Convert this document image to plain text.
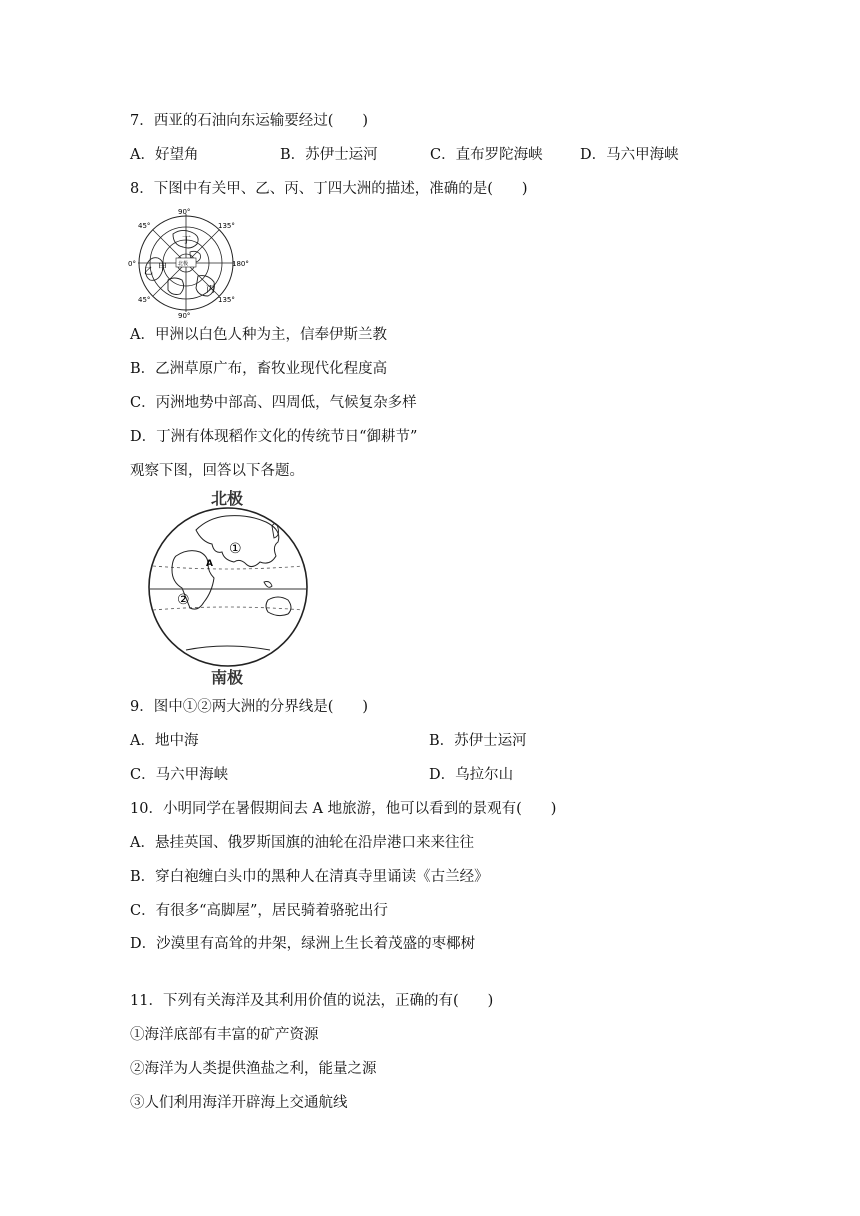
7．西亚的石油向东运输要经过(　　)
A．好望角	B．苏伊士运河	C．直布罗陀海峡	D．马六甲海峡
8．下图中有关甲、乙、丙、丁四大洲的描述，准确的是(　　)
90°
45°	135°
0°	180°
45°	135°
90°
丁
乙 甲
丙
北极
A．甲洲以白色人种为主，信奉伊斯兰教
B．乙洲草原广布，畜牧业现代化程度高
C．丙洲地势中部高、四周低，气候复杂多样
D．丁洲有体现稻作文化的传统节日“御耕节”
观察下图，回答以下各题。
北极
南极
①
②
A
9．图中①②两大洲的分界线是(　　)
A．地中海	B．苏伊士运河
C．马六甲海峡	D．乌拉尔山
10．小明同学在暑假期间去 A 地旅游，他可以看到的景观有(　　)
A．悬挂英国、俄罗斯国旗的油轮在沿岸港口来来往往
B．穿白袍缠白头巾的黑种人在清真寺里诵读《古兰经》
C．有很多“高脚屋”，居民骑着骆驼出行
D．沙漠里有高耸的井架，绿洲上生长着茂盛的枣椰树
11．下列有关海洋及其利用价值的说法，正确的有(　　)
①海洋底部有丰富的矿产资源
②海洋为人类提供渔盐之利，能量之源
③人们利用海洋开辟海上交通航线
